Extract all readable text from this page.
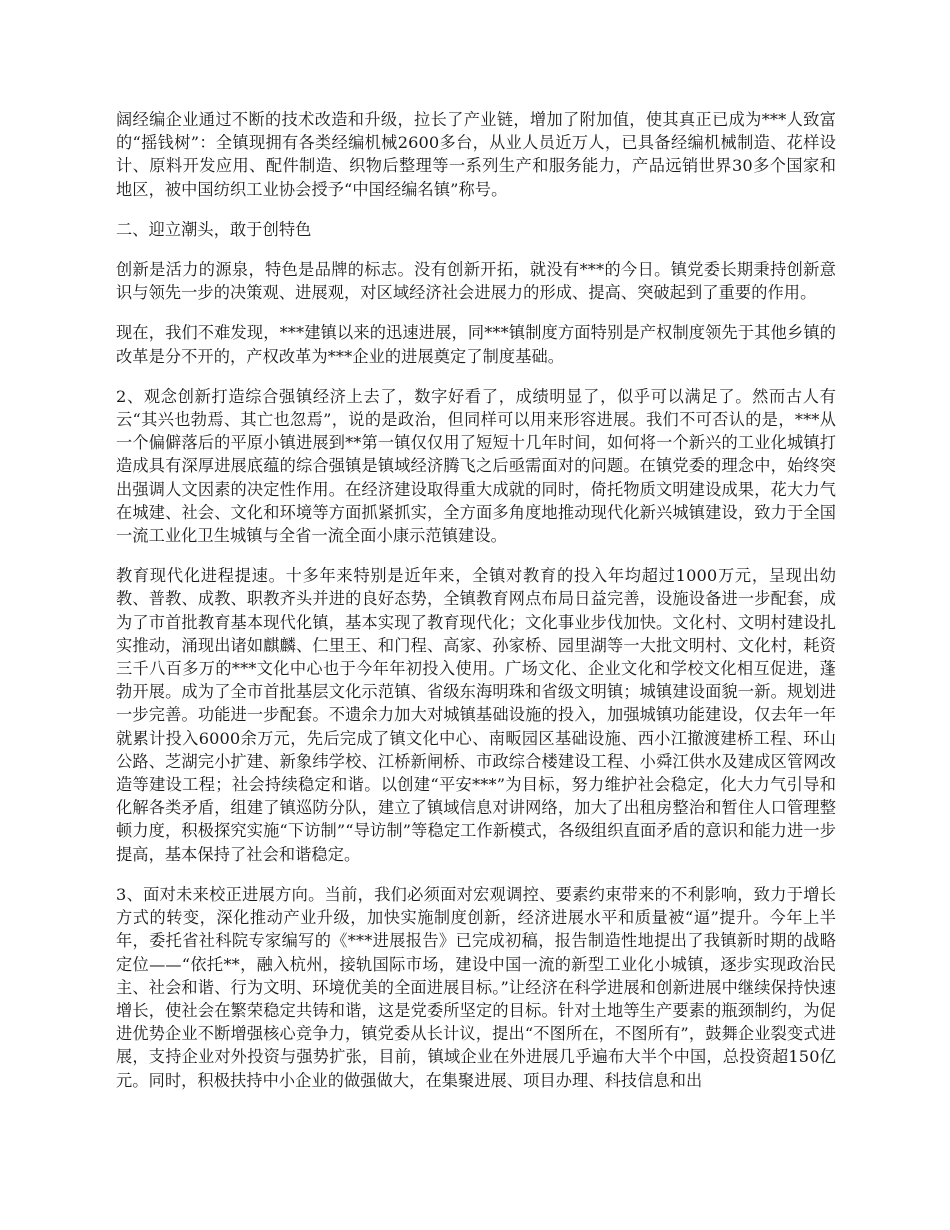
阔经编企业通过不断的技术改造和升级，拉长了产业链，增加了附加值，使其真正已成为***人致富的“摇钱树”：全镇现拥有各类经编机械2600多台，从业人员近万人，已具备经编机械制造、花样设计、原料开发应用、配件制造、织物后整理等一系列生产和服务能力，产品远销世界30多个国家和地区，被中国纺织工业协会授予“中国经编名镇”称号。

二、迎立潮头，敢于创特色

创新是活力的源泉，特色是品牌的标志。没有创新开拓，就没有***的今日。镇党委长期秉持创新意识与领先一步的决策观、进展观，对区域经济社会进展力的形成、提高、突破起到了重要的作用。

现在，我们不难发现，***建镇以来的迅速进展，同***镇制度方面特别是产权制度领先于其他乡镇的改革是分不开的，产权改革为***企业的进展奠定了制度基础。

2、观念创新打造综合强镇经济上去了，数字好看了，成绩明显了，似乎可以满足了。然而古人有云“其兴也勃焉、其亡也忽焉”，说的是政治，但同样可以用来形容进展。我们不可否认的是，***从一个偏僻落后的平原小镇进展到**第一镇仅仅用了短短十几年时间，如何将一个新兴的工业化城镇打造成具有深厚进展底蕴的综合强镇是镇域经济腾飞之后亟需面对的问题。在镇党委的理念中，始终突出强调人文因素的决定性作用。在经济建设取得重大成就的同时，倚托物质文明建设成果，花大力气在城建、社会、文化和环境等方面抓紧抓实，全方面多角度地推动现代化新兴城镇建设，致力于全国一流工业化卫生城镇与全省一流全面小康示范镇建设。

教育现代化进程提速。十多年来特别是近年来，全镇对教育的投入年均超过1000万元，呈现出幼教、普教、成教、职教齐头并进的良好态势，全镇教育网点布局日益完善，设施设备进一步配套，成为了市首批教育基本现代化镇，基本实现了教育现代化；文化事业步伐加快。文化村、文明村建设扎实推动，涌现出诸如麒麟、仁里王、和门程、高家、孙家桥、园里湖等一大批文明村、文化村，耗资三千八百多万的***文化中心也于今年年初投入使用。广场文化、企业文化和学校文化相互促进，蓬勃开展。成为了全市首批基层文化示范镇、省级东海明珠和省级文明镇；城镇建设面貌一新。规划进一步完善。功能进一步配套。不遗余力加大对城镇基础设施的投入，加强城镇功能建设，仅去年一年就累计投入6000余万元，先后完成了镇文化中心、南畈园区基础设施、西小江撤渡建桥工程、环山公路、芝湖完小扩建、新象纬学校、江桥新闸桥、市政综合楼建设工程、小舜江供水及建成区管网改造等建设工程；社会持续稳定和谐。以创建“平安***”为目标，努力维护社会稳定，化大力气引导和化解各类矛盾，组建了镇巡防分队，建立了镇域信息对讲网络，加大了出租房整治和暂住人口管理整顿力度，积极探究实施“下访制”“导访制”等稳定工作新模式，各级组织直面矛盾的意识和能力进一步提高，基本保持了社会和谐稳定。

3、面对未来校正进展方向。当前，我们必须面对宏观调控、要素约束带来的不利影响，致力于增长方式的转变，深化推动产业升级，加快实施制度创新，经济进展水平和质量被“逼”提升。今年上半年，委托省社科院专家编写的《***进展报告》已完成初稿，报告制造性地提出了我镇新时期的战略定位——“依托**，融入杭州，接轨国际市场，建设中国一流的新型工业化小城镇，逐步实现政治民主、社会和谐、行为文明、环境优美的全面进展目标。”让经济在科学进展和创新进展中继续保持快速增长，使社会在繁荣稳定共铸和谐，这是党委所坚定的目标。针对土地等生产要素的瓶颈制约，为促进优势企业不断增强核心竞争力，镇党委从长计议，提出“不图所在，不图所有”，鼓舞企业裂变式进展，支持企业对外投资与强势扩张，目前，镇域企业在外进展几乎遍布大半个中国，总投资超150亿元。同时，积极扶持中小企业的做强做大，在集聚进展、项目办理、科技信息和出
